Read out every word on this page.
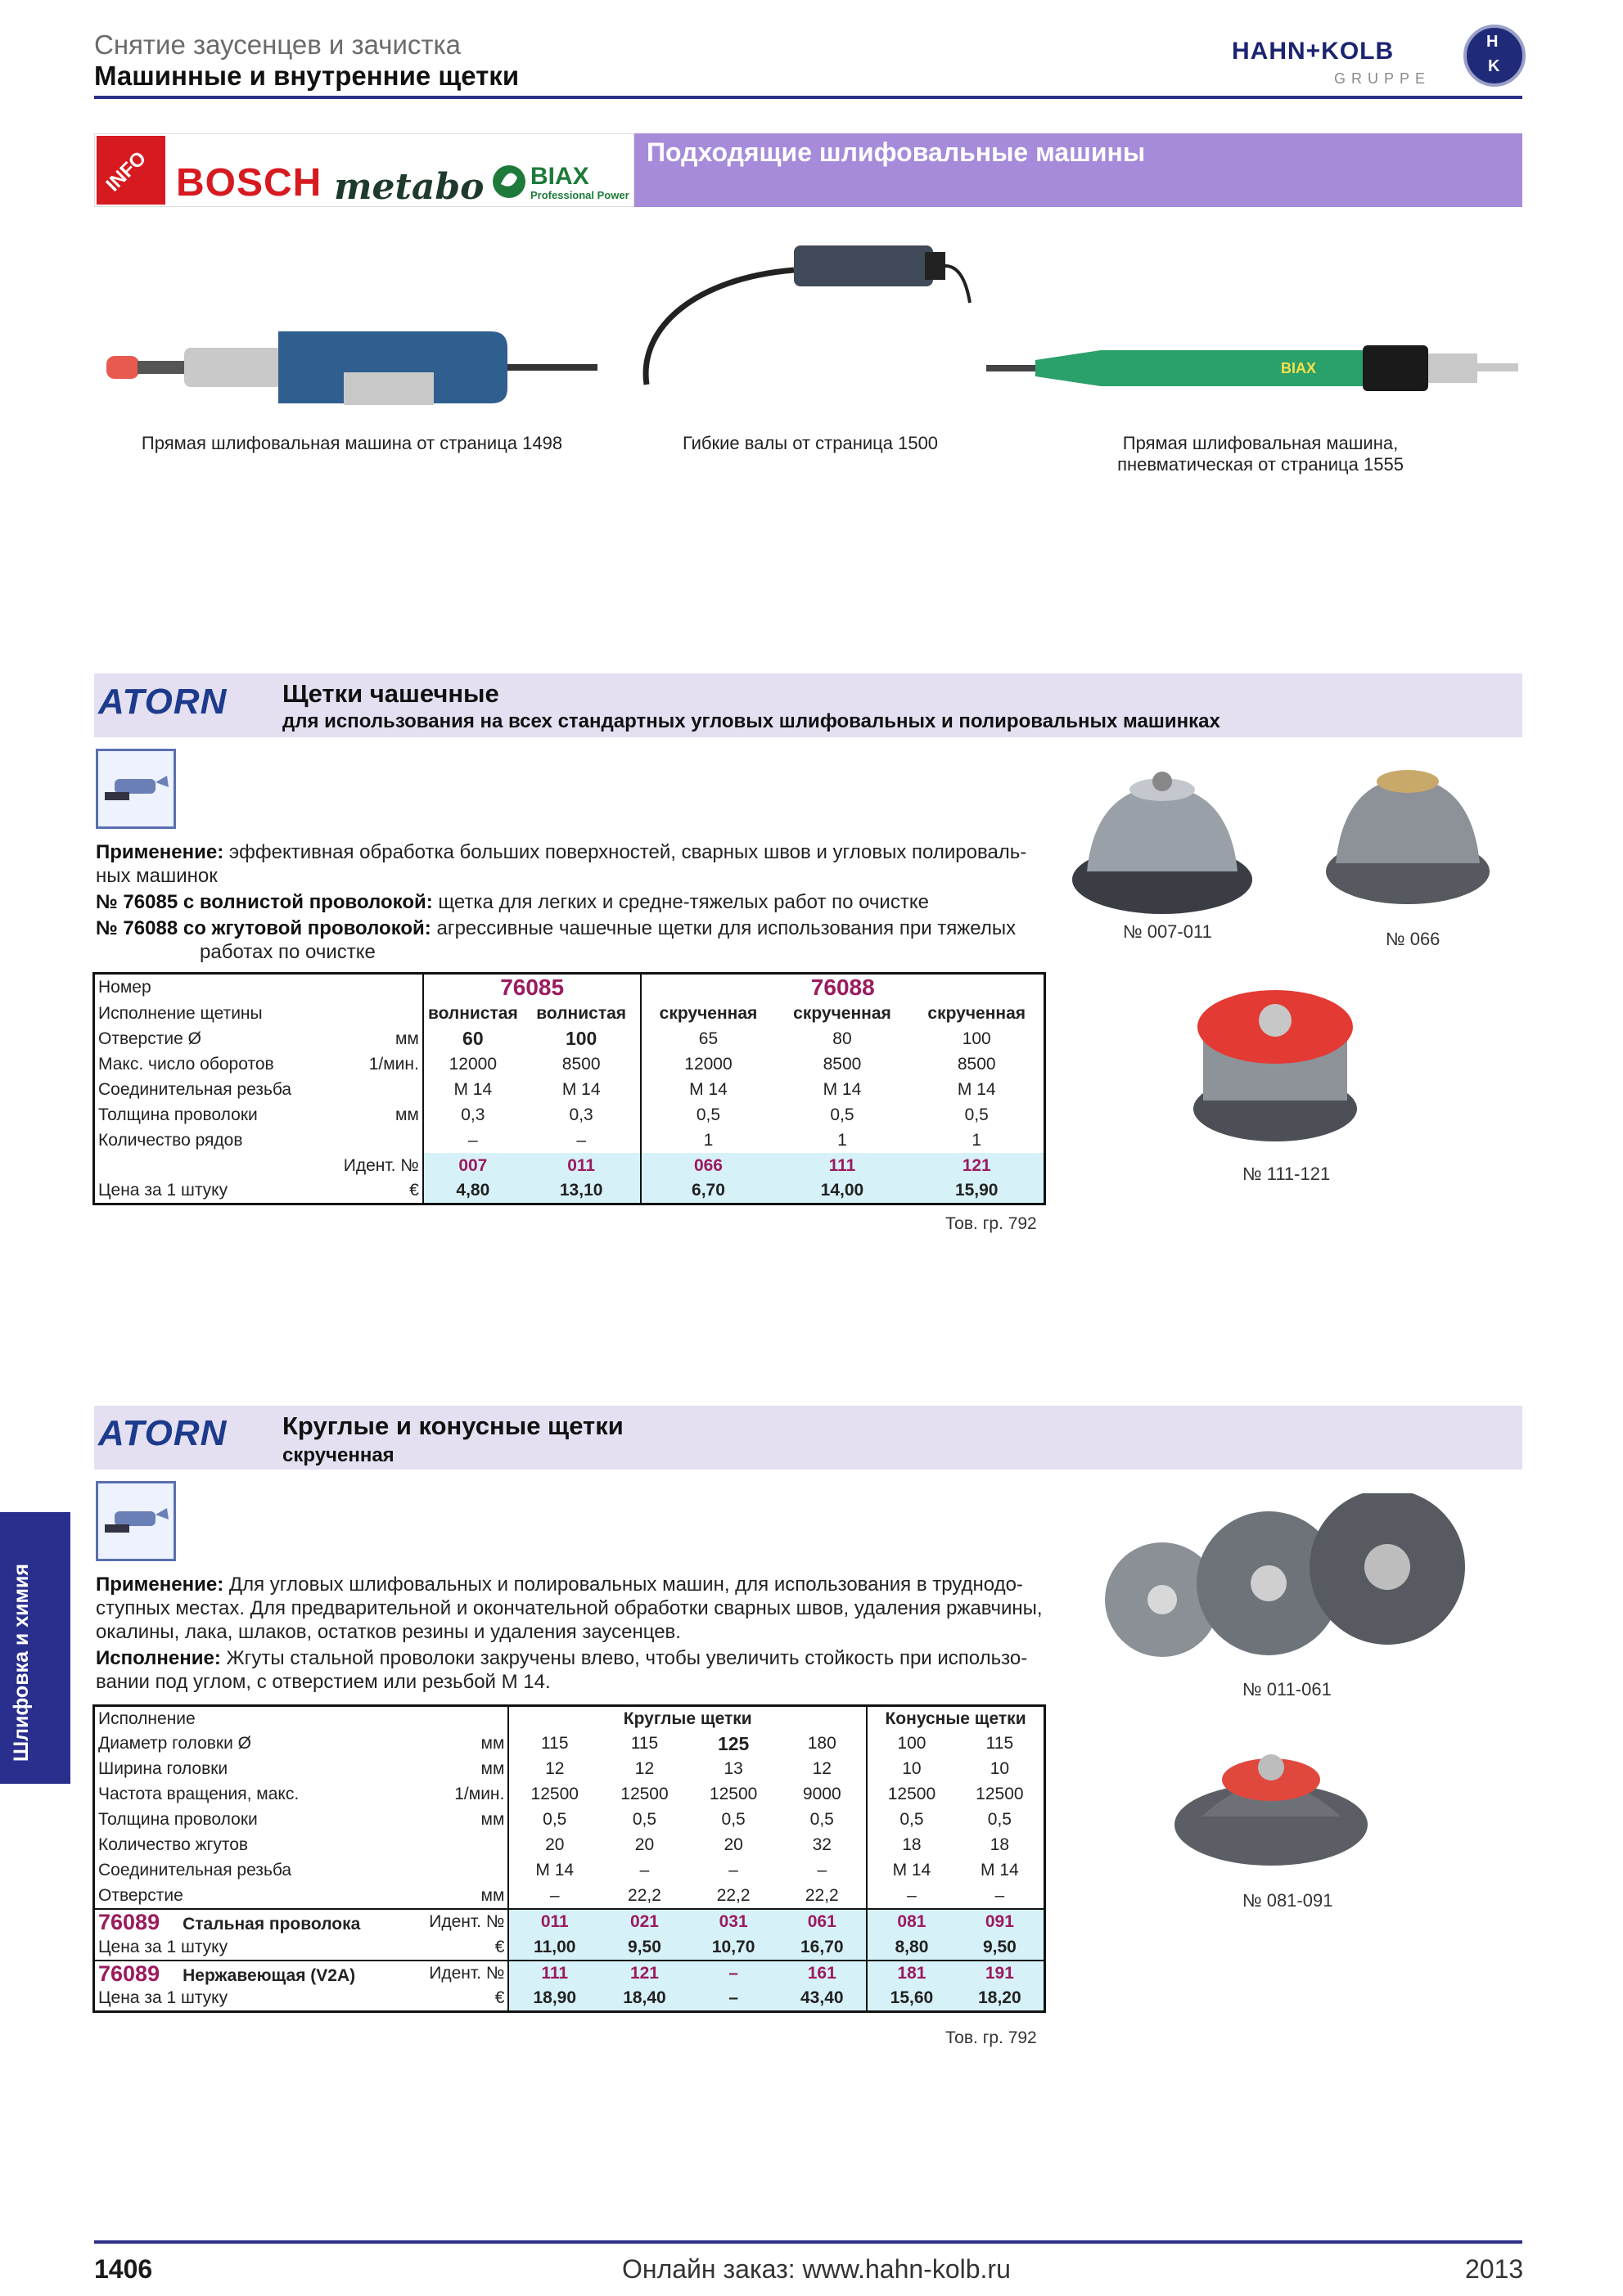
Снятие заусенцев и зачистка
Машинные и внутренние щетки
HAHN+KOLB
GRUPPE
H
K
INFO BOSCH metabo BIAX
Professional Power
Подходящие шлифовальные машины
Прямая шлифовальная машина от страница 1498	Гибкие валы от страница 1500
BIAX
Прямая шлифовальная машина,
пневматическая от страница 1555
ATORN Щетки чашечные
для использования на всех стандартных угловых шлифовальных и полировальных машинках
Применение: эффективная обработка больших поверхностей, сварных швов и угловых полироваль-
ных машинок
№ 76085 с волнистой проволокой: щетка для легких и средне-тяжелых работ по очистке
№ 76088 со жгутовой проволокой: агрессивные чашечные щетки для использования при тяжелых
работах по очистке
Номер	76085		76088		
Исполнение щетины	волнистая	волнистая	скрученная	скрученная	скрученная
Отверстие Ø мм	60	100	65	80	100
Макс. число оборотов 1/мин.	12000	8500	12000	8500	8500
Соединительная резьба	М 14	М 14	М 14	М 14	М 14
Толщина проволоки мм	0,3	0,3	0,5	0,5	0,5
Количество рядов	–	–	1	1	1
Идент. №	007	011	066	111	121
Цена за 1 штуку €	4,80	13,10	6,70	14,00	15,90
Тов. гр. 792
№ 007-011	№ 066
№ 111-121
ATORN Круглые и конусные щетки
скрученная
Применение: Для угловых шлифовальных и полировальных машин, для использования в труднодо-
ступных местах. Для предварительной и окончательной обработки сварных швов, удаления ржавчины,
окалины, лака, шлаков, остатков резины и удаления заусенцев.
Исполнение: Жгуты стальной проволоки закручены влево, чтобы увеличить стойкость при использо-
вании под углом, с отверстием или резьбой М 14.
Исполнение		Круглые щетки				Конусные щетки	
Диаметр головки Ø	мм	115	115	125	180	100	115
Ширина головки	мм	12	12	13	12	10	10
Частота вращения, макс.	1/мин.	12500	12500	12500	9000	12500	12500
Толщина проволоки	мм	0,5	0,5	0,5	0,5	0,5	0,5
Количество жгутов		20	20	20	32	18	18
Соединительная резьба		М 14	–	–	–	М 14	М 14
Отверстие	мм	–	22,2	22,2	22,2	–	–
76089 Стальная проволока	Идент. №	011	021	031	061	081	091
Цена за 1 штуку	€	11,00	9,50	10,70	16,70	8,80	9,50
76089 Нержавеющая (V2A)	Идент. №	111	121	–	161	181	191
Цена за 1 штуку	€	18,90	18,40	–	43,40	15,60	18,20
Тов. гр. 792
№ 011-061
№ 081-091
Шлифовка и химия
1406	Онлайн заказ: www.hahn-kolb.ru	2013
